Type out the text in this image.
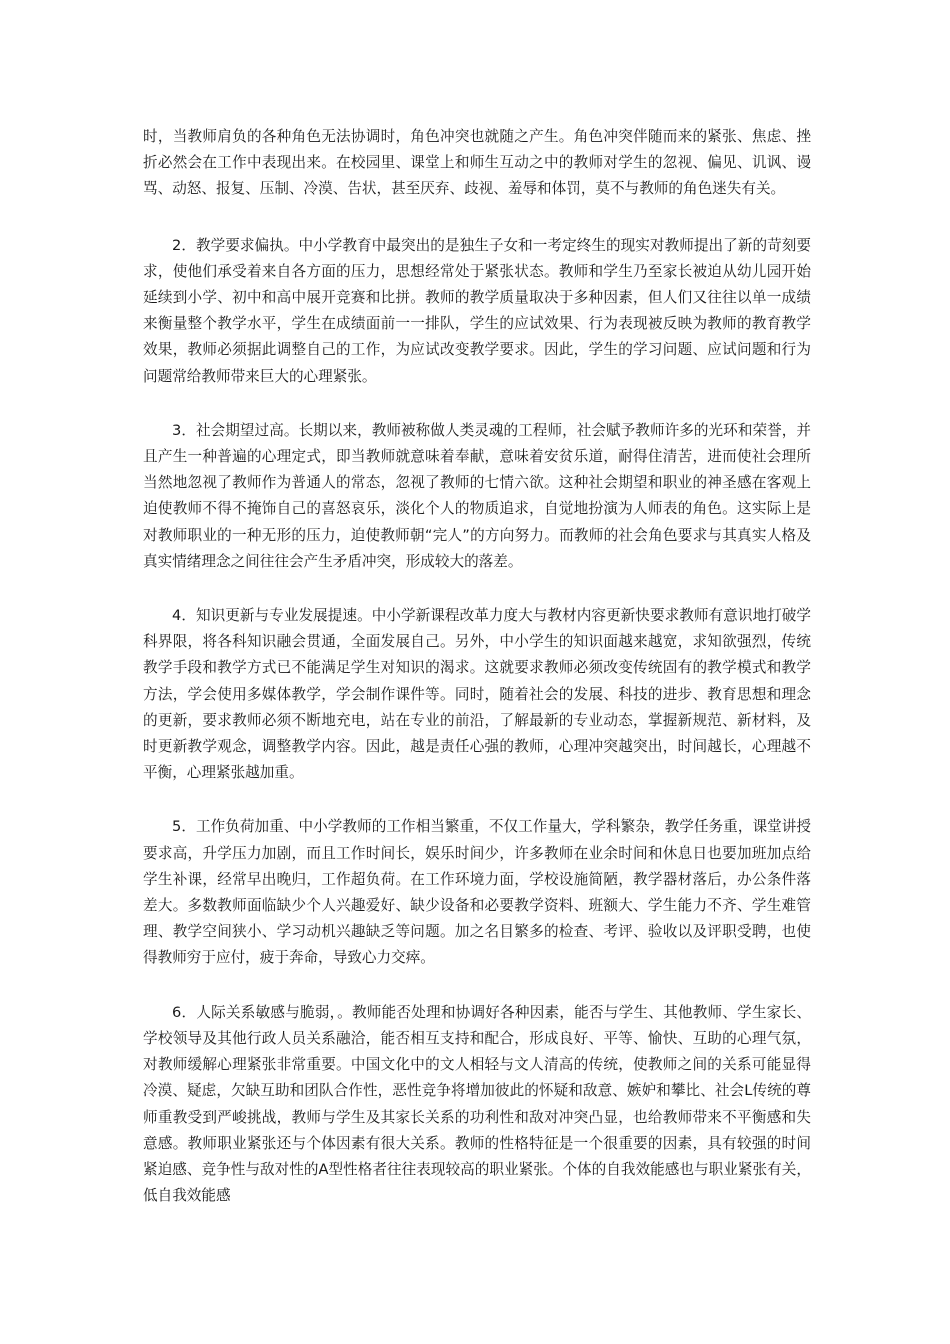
时，当教师肩负的各种角色无法协调时，角色冲突也就随之产生。角色冲突伴随而来的紧张、焦虑、挫折必然会在工作中表现出来。在校园里、课堂上和师生互动之中的教师对学生的忽视、偏见、讥讽、谩骂、动怒、报复、压制、冷漠、告状，甚至厌弃、歧视、羞辱和体罚，莫不与教师的角色迷失有关。

2．教学要求偏执。中小学教育中最突出的是独生子女和一考定终生的现实对教师提出了新的苛刻要求，使他们承受着来自各方面的压力，思想经常处于紧张状态。教师和学生乃至家长被迫从幼儿园开始延续到小学、初中和高中展开竞赛和比拼。教师的教学质量取决于多种因素，但人们又往往以单一成绩来衡量整个教学水平，学生在成绩面前一一排队，学生的应试效果、行为表现被反映为教师的教育教学效果，教师必须据此调整自己的工作，为应试改变教学要求。因此，学生的学习问题、应试问题和行为问题常给教师带来巨大的心理紧张。

3．社会期望过高。长期以来，教师被称做人类灵魂的工程师，社会赋予教师许多的光环和荣誉，并且产生一种普遍的心理定式，即当教师就意味着奉献，意味着安贫乐道，耐得住清苦，进而使社会理所当然地忽视了教师作为普通人的常态，忽视了教师的七情六欲。这种社会期望和职业的神圣感在客观上迫使教师不得不掩饰自己的喜怒哀乐，淡化个人的物质追求，自觉地扮演为人师表的角色。这实际上是对教师职业的一种无形的压力，迫使教师朝“完人”的方向努力。而教师的社会角色要求与其真实人格及真实情绪理念之间往往会产生矛盾冲突，形成较大的落差。

4．知识更新与专业发展提速。中小学新课程改革力度大与教材内容更新快要求教师有意识地打破学科界限，将各科知识融会贯通，全面发展自己。另外，中小学生的知识面越来越宽，求知欲强烈，传统教学手段和教学方式已不能满足学生对知识的渴求。这就要求教师必须改变传统固有的教学模式和教学方法，学会使用多媒体教学，学会制作课件等。同时，随着社会的发展、科技的进步、教育思想和理念的更新，要求教师必须不断地充电，站在专业的前沿，了解最新的专业动态，掌握新规范、新材料，及时更新教学观念，调整教学内容。因此，越是责任心强的教师，心理冲突越突出，时间越长，心理越不平衡，心理紧张越加重。

5．工作负荷加重、中小学教师的工作相当繁重，不仅工作量大，学科繁杂，教学任务重，课堂讲授要求高，升学压力加剧，而且工作时间长，娱乐时间少，许多教师在业余时间和休息日也要加班加点给学生补课，经常早出晚归，工作超负荷。在工作环境力面，学校设施简陋，教学器材落后，办公条件落差大。多数教师面临缺少个人兴趣爱好、缺少设备和必要教学资料、班额大、学生能力不齐、学生难管理、教学空间狭小、学习动机兴趣缺乏等问题。加之名目繁多的检查、考评、验收以及评职受聘，也使得教师穷于应付，疲于奔命，导致心力交瘁。

6．人际关系敏感与脆弱，。教师能否处理和协调好各种因素，能否与学生、其他教师、学生家长、学校领导及其他行政人员关系融洽，能否相互支持和配合，形成良好、平等、愉快、互助的心理气氛，对教师缓解心理紧张非常重要。中国文化中的文人相轻与文人清高的传统，使教师之间的关系可能显得冷漠、疑虑，欠缺互助和团队合作性，恶性竞争将增加彼此的怀疑和敌意、嫉妒和攀比、社会L传统的尊师重教受到严峻挑战，教师与学生及其家长关系的功利性和敌对冲突凸显，也给教师带来不平衡感和失意感。教师职业紧张还与个体因素有很大关系。教师的性格特征是一个很重要的因素，具有较强的时间紧迫感、竞争性与敌对性的A型性格者往往表现较高的职业紧张。个体的自我效能感也与职业紧张有关，低自我效能感
